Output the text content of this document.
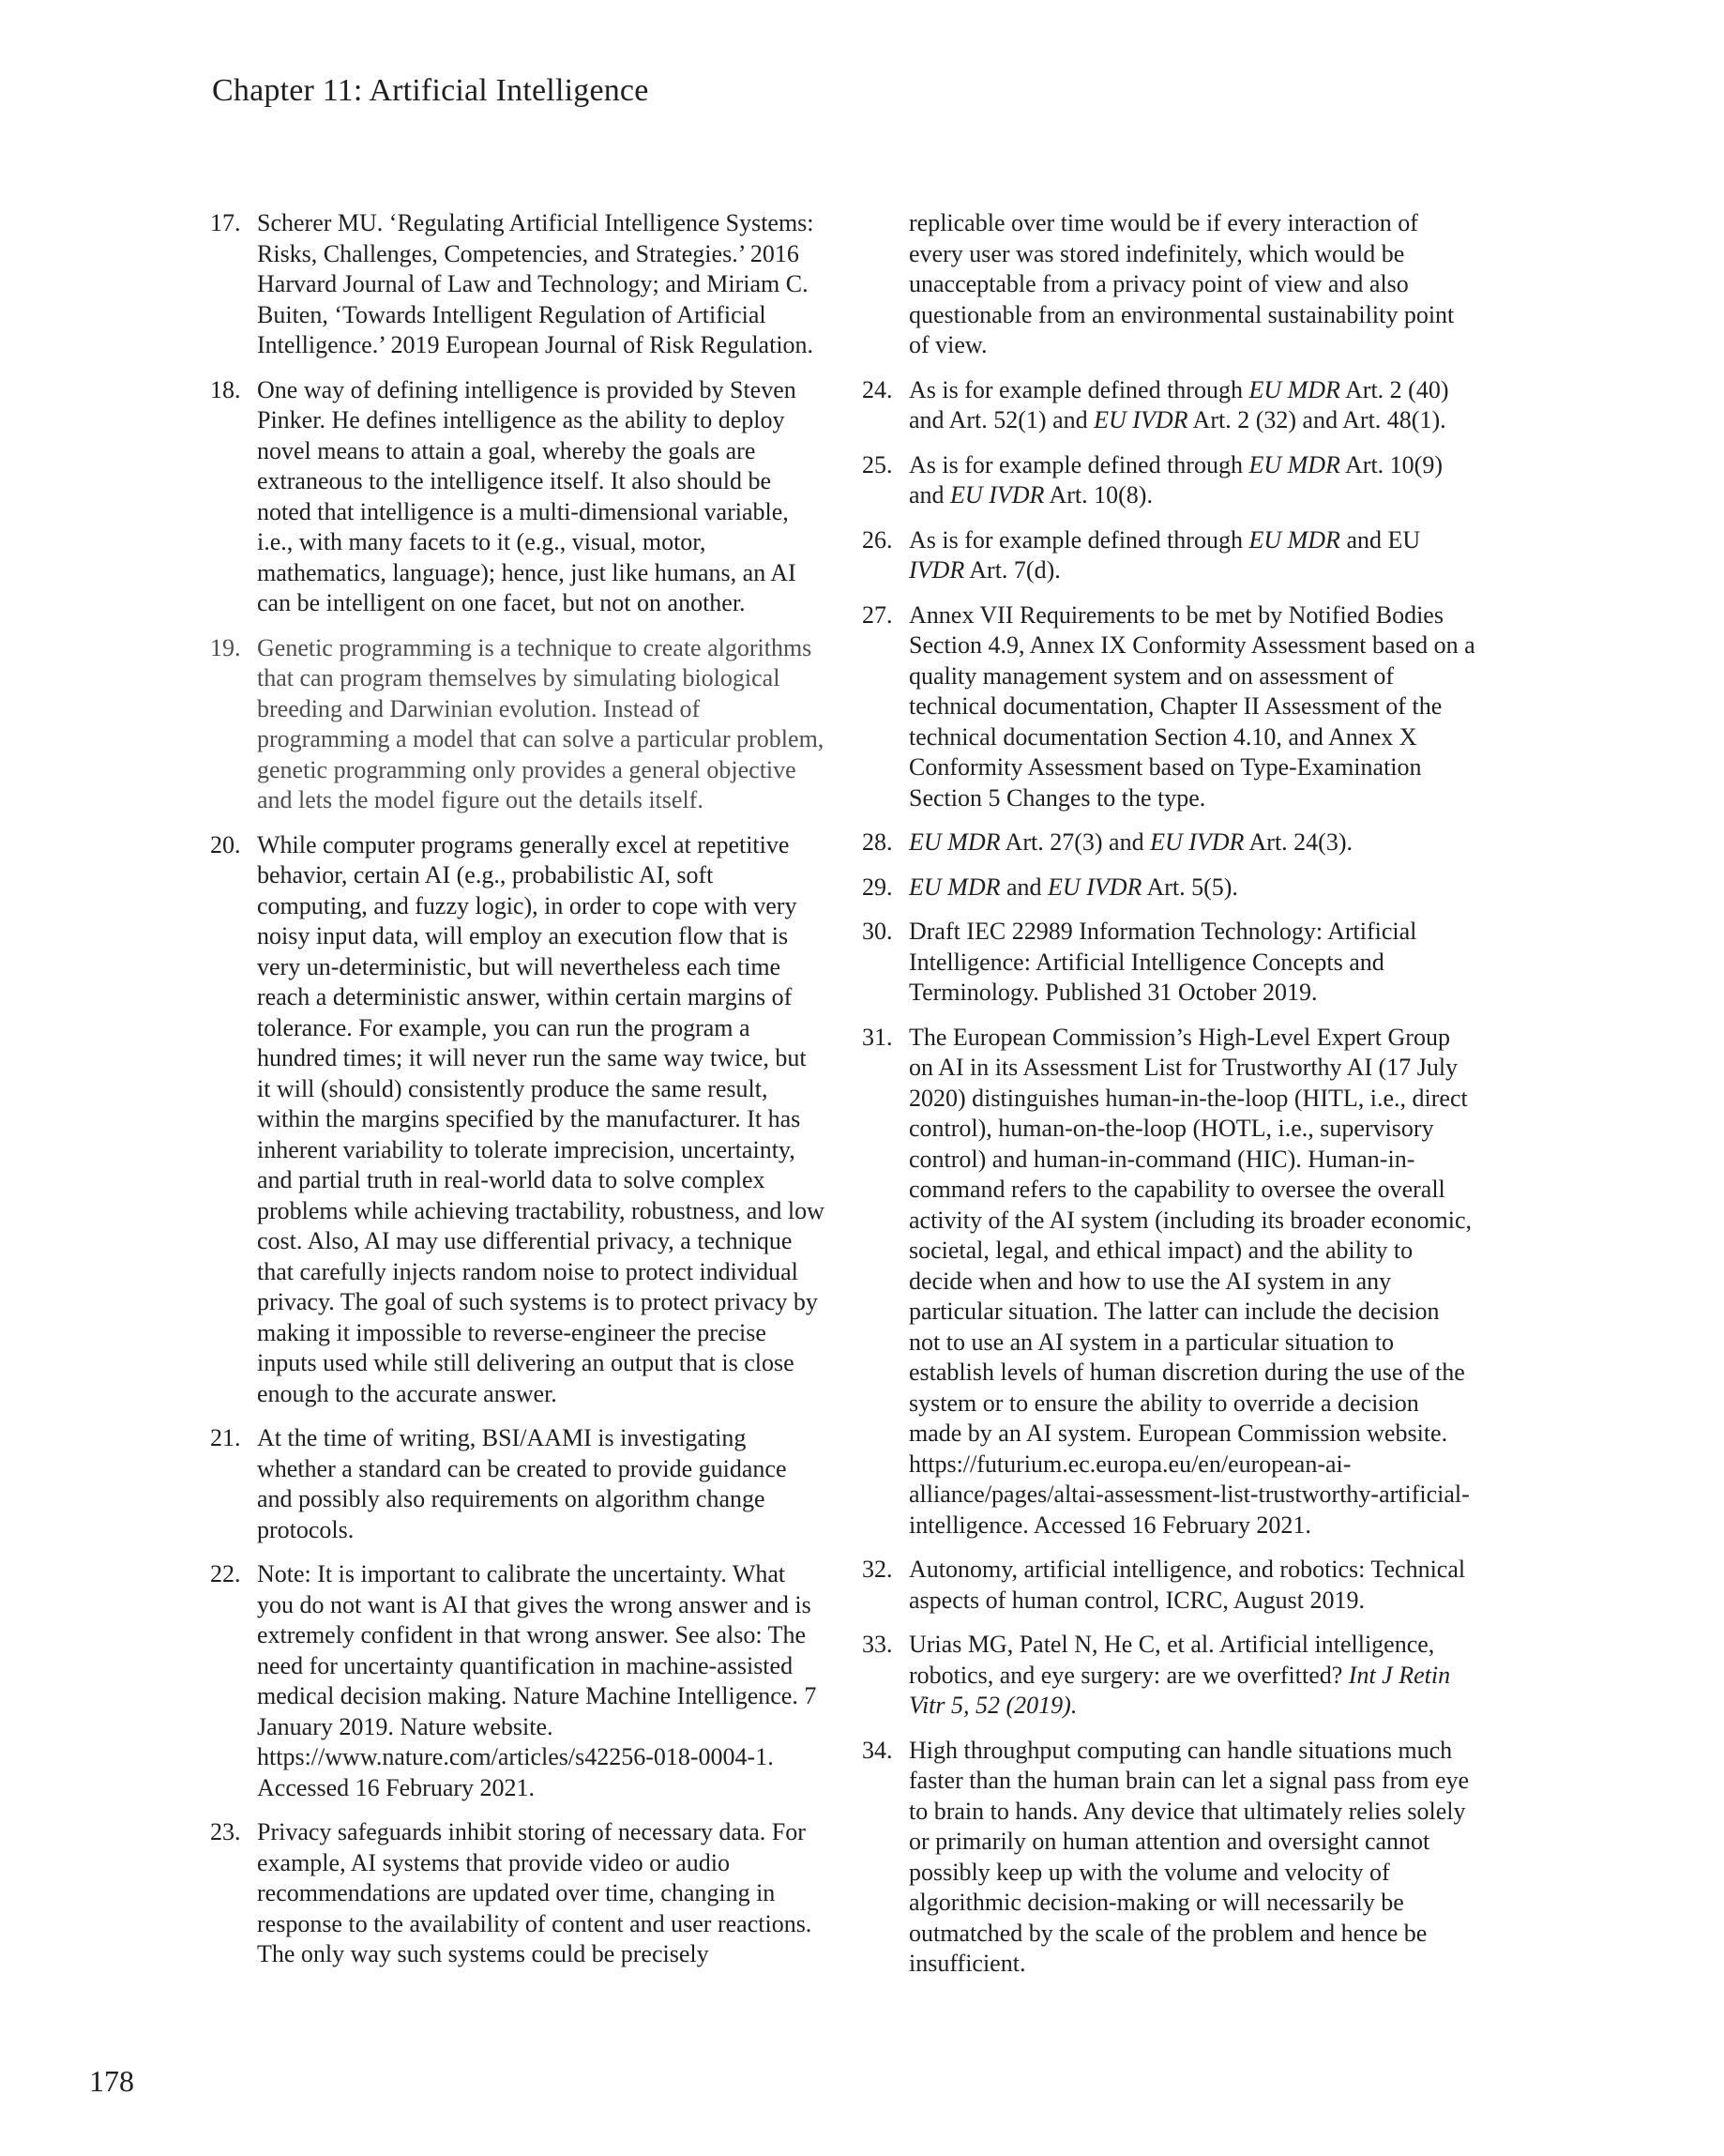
Chapter 11: Artificial Intelligence
17. Scherer MU. ‘Regulating Artificial Intelligence Systems: Risks, Challenges, Competencies, and Strategies.’ 2016 Harvard Journal of Law and Technology; and Miriam C. Buiten, ‘Towards Intelligent Regulation of Artificial Intelligence.’ 2019 European Journal of Risk Regulation.
18. One way of defining intelligence is provided by Steven Pinker. He defines intelligence as the ability to deploy novel means to attain a goal, whereby the goals are extraneous to the intelligence itself. It also should be noted that intelligence is a multi-dimensional variable, i.e., with many facets to it (e.g., visual, motor, mathematics, language); hence, just like humans, an AI can be intelligent on one facet, but not on another.
19. Genetic programming is a technique to create algorithms that can program themselves by simulating biological breeding and Darwinian evolution. Instead of programming a model that can solve a particular problem, genetic programming only provides a general objective and lets the model figure out the details itself.
20. While computer programs generally excel at repetitive behavior, certain AI (e.g., probabilistic AI, soft computing, and fuzzy logic), in order to cope with very noisy input data, will employ an execution flow that is very un-deterministic, but will nevertheless each time reach a deterministic answer, within certain margins of tolerance. For example, you can run the program a hundred times; it will never run the same way twice, but it will (should) consistently produce the same result, within the margins specified by the manufacturer. It has inherent variability to tolerate imprecision, uncertainty, and partial truth in real-world data to solve complex problems while achieving tractability, robustness, and low cost. Also, AI may use differential privacy, a technique that carefully injects random noise to protect individual privacy. The goal of such systems is to protect privacy by making it impossible to reverse-engineer the precise inputs used while still delivering an output that is close enough to the accurate answer.
21. At the time of writing, BSI/AAMI is investigating whether a standard can be created to provide guidance and possibly also requirements on algorithm change protocols.
22. Note: It is important to calibrate the uncertainty. What you do not want is AI that gives the wrong answer and is extremely confident in that wrong answer. See also: The need for uncertainty quantification in machine-assisted medical decision making. Nature Machine Intelligence. 7 January 2019. Nature website. https://www.nature.com/articles/s42256-018-0004-1. Accessed 16 February 2021.
23. Privacy safeguards inhibit storing of necessary data. For example, AI systems that provide video or audio recommendations are updated over time, changing in response to the availability of content and user reactions. The only way such systems could be precisely
replicable over time would be if every interaction of every user was stored indefinitely, which would be unacceptable from a privacy point of view and also questionable from an environmental sustainability point of view.
24. As is for example defined through EU MDR Art. 2 (40) and Art. 52(1) and EU IVDR Art. 2 (32) and Art. 48(1).
25. As is for example defined through EU MDR Art. 10(9) and EU IVDR Art. 10(8).
26. As is for example defined through EU MDR and EU IVDR Art. 7(d).
27. Annex VII Requirements to be met by Notified Bodies Section 4.9, Annex IX Conformity Assessment based on a quality management system and on assessment of technical documentation, Chapter II Assessment of the technical documentation Section 4.10, and Annex X Conformity Assessment based on Type-Examination Section 5 Changes to the type.
28. EU MDR Art. 27(3) and EU IVDR Art. 24(3).
29. EU MDR and EU IVDR Art. 5(5).
30. Draft IEC 22989 Information Technology: Artificial Intelligence: Artificial Intelligence Concepts and Terminology. Published 31 October 2019.
31. The European Commission’s High-Level Expert Group on AI in its Assessment List for Trustworthy AI (17 July 2020) distinguishes human-in-the-loop (HITL, i.e., direct control), human-on-the-loop (HOTL, i.e., supervisory control) and human-in-command (HIC). Human-in-command refers to the capability to oversee the overall activity of the AI system (including its broader economic, societal, legal, and ethical impact) and the ability to decide when and how to use the AI system in any particular situation. The latter can include the decision not to use an AI system in a particular situation to establish levels of human discretion during the use of the system or to ensure the ability to override a decision made by an AI system. European Commission website. https://futurium.ec.europa.eu/en/european-ai-alliance/pages/altai-assessment-list-trustworthy-artificial-intelligence. Accessed 16 February 2021.
32. Autonomy, artificial intelligence, and robotics: Technical aspects of human control, ICRC, August 2019.
33. Urias MG, Patel N, He C, et al. Artificial intelligence, robotics, and eye surgery: are we overfitted? Int J Retin Vitr 5, 52 (2019).
34. High throughput computing can handle situations much faster than the human brain can let a signal pass from eye to brain to hands. Any device that ultimately relies solely or primarily on human attention and oversight cannot possibly keep up with the volume and velocity of algorithmic decision-making or will necessarily be outmatched by the scale of the problem and hence be insufficient.
178
